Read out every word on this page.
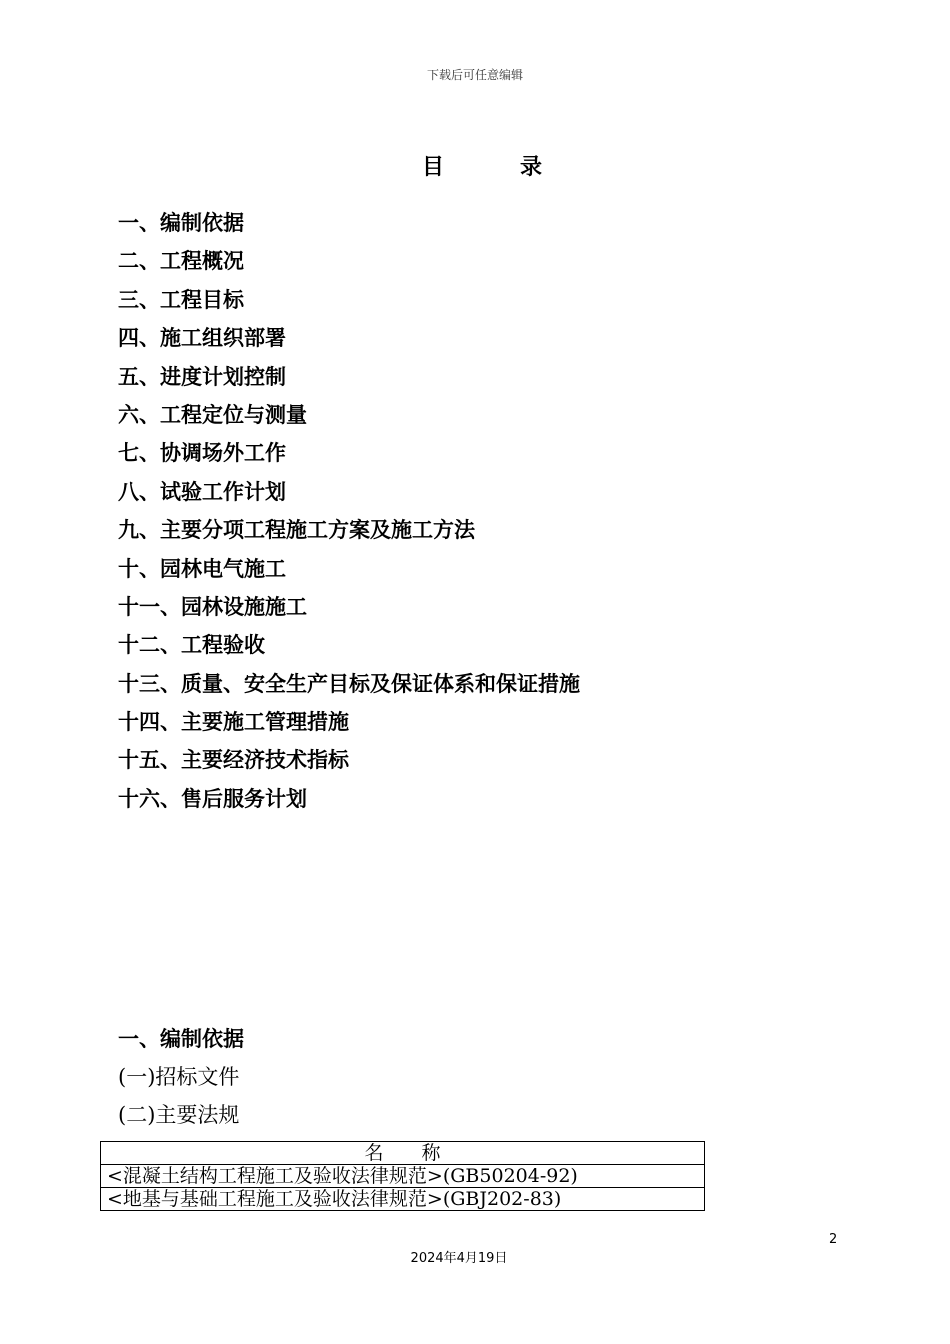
下载后可任意编辑
目	录
一、编制依据
二、工程概况
三、工程目标
四、施工组织部署
五、进度计划控制
六、工程定位与测量
七、协调场外工作
八、试验工作计划
九、主要分项工程施工方案及施工方法
十、园林电气施工
十一、园林设施施工
十二、工程验收
十三、质量、安全生产目标及保证体系和保证措施
十四、主要施工管理措施
十五、主要经济技术指标
十六、售后服务计划
一、编制依据
(一)招标文件
(二)主要法规
名　　称
<混凝土结构工程施工及验收法律规范>(GB50204-92)
<地基与基础工程施工及验收法律规范>(GBJ202-83)
2
2024年4月19日
